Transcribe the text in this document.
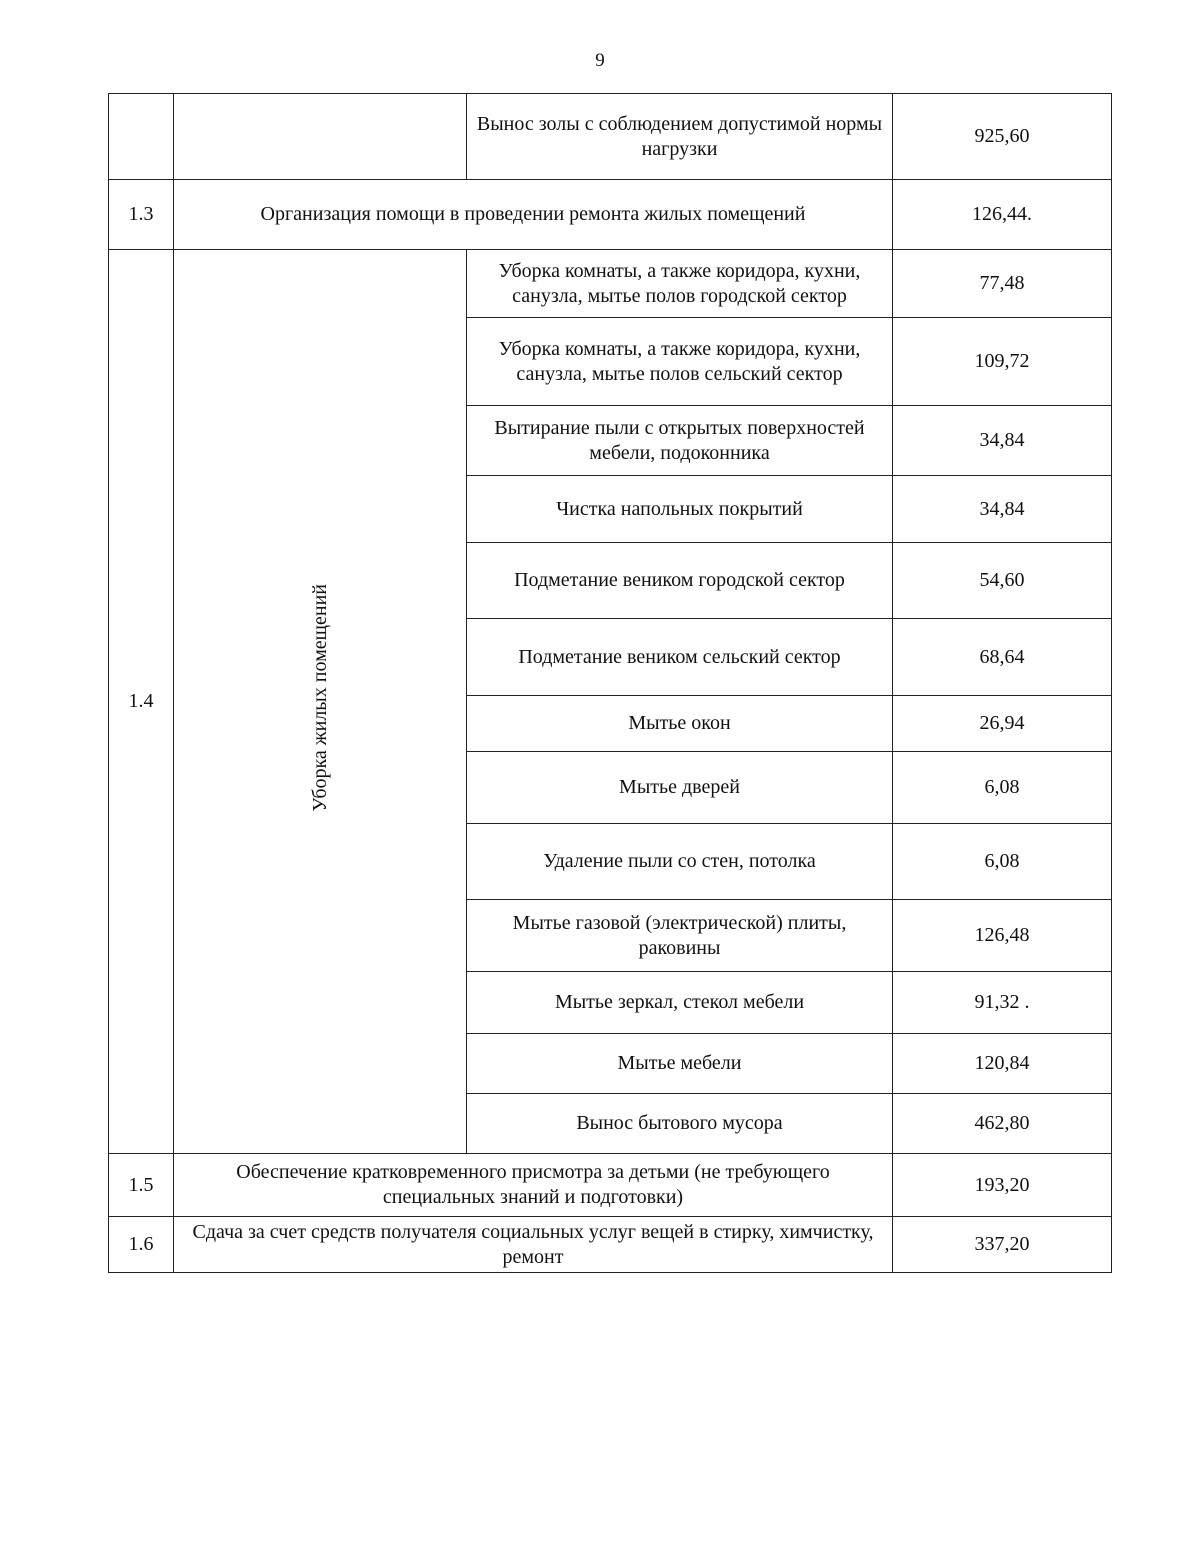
9
		Вынос золы с соблюдением допустимой нормы нагрузки	925,60
1.3	Организация помощи в проведении ремонта жилых помещений		126,44.
1.4	Уборка жилых помещений	Уборка комнаты, а также коридора, кухни, санузла, мытье полов городской сектор	77,48
		Уборка комнаты, а также коридора, кухни, санузла, мытье полов сельский сектор	109,72
		Вытирание пыли с открытых поверхностей мебели, подоконника	34,84
		Чистка напольных покрытий	34,84
		Подметание веником городской сектор	54,60
		Подметание веником сельский сектор	68,64
		Мытье окон	26,94
		Мытье дверей	6,08
		Удаление пыли со стен, потолка	6,08
		Мытье газовой (электрической) плиты, раковины	126,48
		Мытье зеркал, стекол мебели	91,32 .
		Мытье мебели	120,84
		Вынос бытового мусора	462,80
1.5	Обеспечение кратковременного присмотра за детьми (не требующего специальных знаний и подготовки)		193,20
1.6	Сдача за счет средств получателя социальных услуг вещей в стирку, химчистку, ремонт		337,20
